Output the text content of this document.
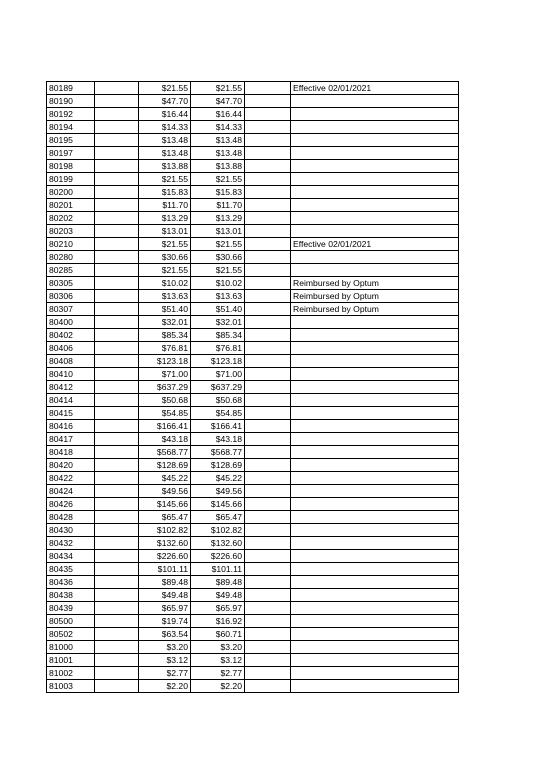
80189		$21.55	$21.55		Effective 02/01/2021
80190		$47.70	$47.70		
80192		$16.44	$16.44		
80194		$14.33	$14.33		
80195		$13.48	$13.48		
80197		$13.48	$13.48		
80198		$13.88	$13.88		
80199		$21.55	$21.55		
80200		$15.83	$15.83		
80201		$11.70	$11.70		
80202		$13.29	$13.29		
80203		$13.01	$13.01		
80210		$21.55	$21.55		Effective 02/01/2021
80280		$30.66	$30.66		
80285		$21.55	$21.55		
80305		$10.02	$10.02		Reimbursed by Optum
80306		$13.63	$13.63		Reimbursed by Optum
80307		$51.40	$51.40		Reimbursed by Optum
80400		$32.01	$32.01		
80402		$85.34	$85.34		
80406		$76.81	$76.81		
80408		$123.18	$123.18		
80410		$71.00	$71.00		
80412		$637.29	$637.29		
80414		$50.68	$50.68		
80415		$54.85	$54.85		
80416		$166.41	$166.41		
80417		$43.18	$43.18		
80418		$568.77	$568.77		
80420		$128.69	$128.69		
80422		$45.22	$45.22		
80424		$49.56	$49.56		
80426		$145.66	$145.66		
80428		$65.47	$65.47		
80430		$102.82	$102.82		
80432		$132.60	$132.60		
80434		$226.60	$226.60		
80435		$101.11	$101.11		
80436		$89.48	$89.48		
80438		$49.48	$49.48		
80439		$65.97	$65.97		
80500		$19.74	$16.92		
80502		$63.54	$60.71		
81000		$3.20	$3.20		
81001		$3.12	$3.12		
81002		$2.77	$2.77		
81003		$2.20	$2.20		
